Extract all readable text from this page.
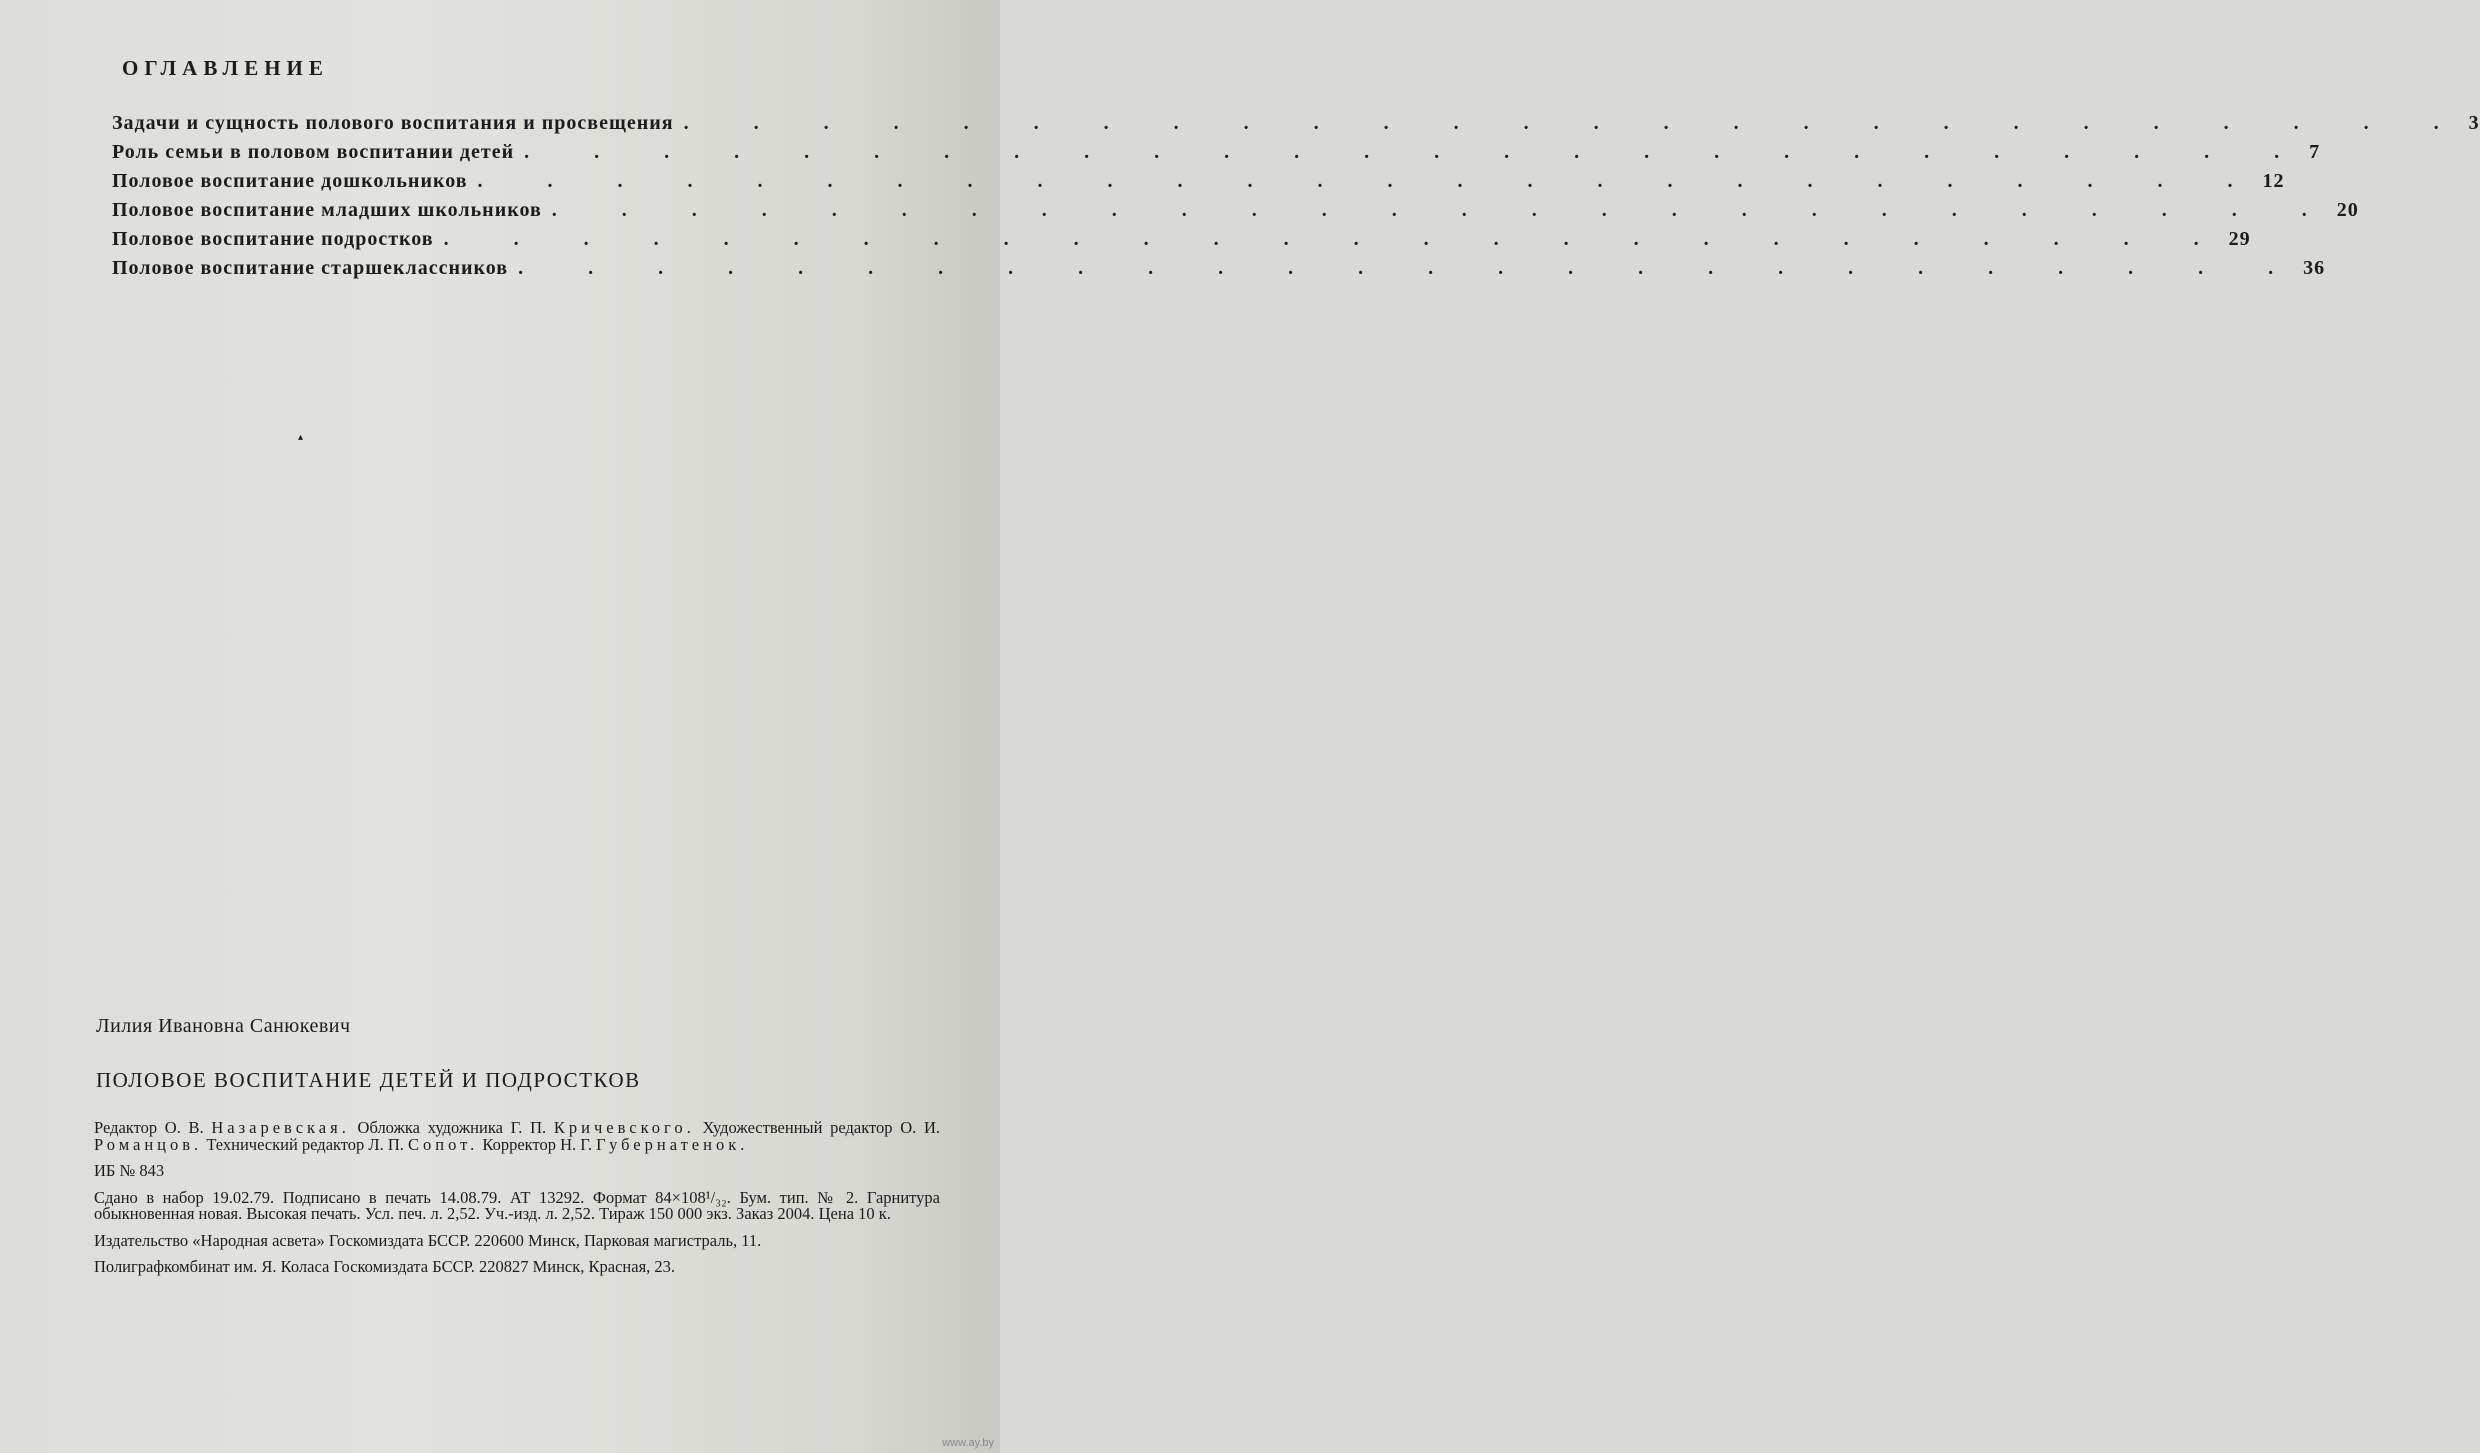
ОГЛАВЛЕНИЕ
Задачи и сущность полового воспитания и просвещения . . . . . . . . . . . . . . . . . . . . . . . . . . 3
Роль семьи в половом воспитании детей . . . . . . . . . . . . . . . . . . . . . . . . . . 7
Половое воспитание дошкольников . . . . . . . . . . . . . . . . . . . . . . . . . . 12
Половое воспитание младших школьников . . . . . . . . . . . . . . . . . . . . . . . . . . 20
Половое воспитание подростков . . . . . . . . . . . . . . . . . . . . . . . . . . 29
Половое воспитание старшеклассников . . . . . . . . . . . . . . . . . . . . . . . . . . 36
▴
Лилия Ивановна Санюкевич
ПОЛОВОЕ ВОСПИТАНИЕ ДЕТЕЙ И ПОДРОСТКОВ

Редактор О. В. Назаревская. Обложка художника Г. П. Кричевского. Художественный редактор О. И. Романцов. Технический редактор Л. П. Сопот. Корректор Н. Г. Губернатенок.

ИБ № 843

Сдано в набор 19.02.79. Подписано в печать 14.08.79. АТ 13292. Формат 84×108¹/₃₂. Бум. тип. № 2. Гарнитура обыкновенная новая. Высокая печать. Усл. печ. л. 2,52. Уч.-изд. л. 2,52. Тираж 150 000 экз. Заказ 2004. Цена 10 к.

Издательство «Народная асвета» Госкомиздата БССР. 220600 Минск, Парковая магистраль, 11.

Полиграфкомбинат им. Я. Коласа Госкомиздата БССР. 220827 Минск, Красная, 23.

www.ay.by
